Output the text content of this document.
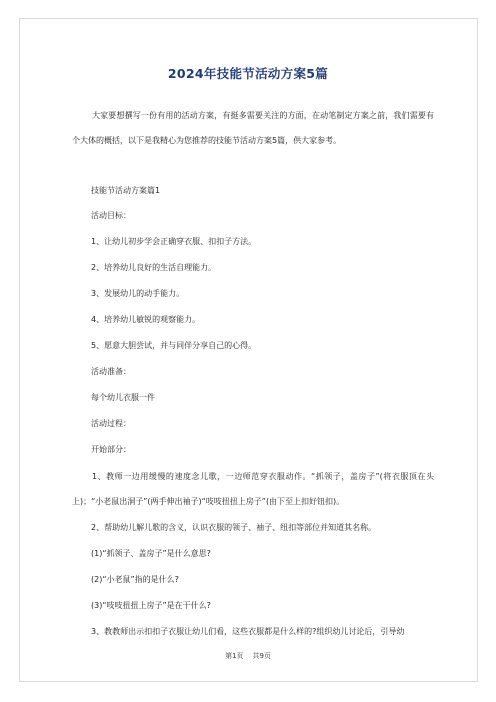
2024年技能节活动方案5篇
大家要想撰写一份有用的活动方案，有挺多需要关注的方面，在动笔制定方案之前，我们需要有个大体的概括，以下是我精心为您推荐的技能节活动方案5篇，供大家参考。
技能节活动方案篇1
活动目标：
1、让幼儿初步学会正确穿衣服、扣扣子方法。
2、培养幼儿良好的生活自理能力。
3、发展幼儿的动手能力。
4、培养幼儿敏锐的观察能力。
5、愿意大胆尝试，并与同伴分享自己的心得。
活动准备：
每个幼儿衣服一件
活动过程：
开始部分：
1、教师一边用缓慢的速度念儿歌，一边师范穿衣服动作。“抓领子，盖房子”(将衣服顶在头上)；“小老鼠出洞子”(两手伸出袖子)“吱吱扭扭上房子”(由下至上扣好钮扣)。
2、帮助幼儿解儿歌的含义，认识衣服的领子、袖子、纽扣等部位并知道其名称。
(1)“抓领子、盖房子”是什么意思?
(2)“小老鼠”指的是什么?
(3)“吱吱扭扭上房子”是在干什么?
3、教教师出示扣扣子衣服让幼儿们看，这些衣服都是什么样的?组织幼儿讨论后，引导幼
第1页 共9页
